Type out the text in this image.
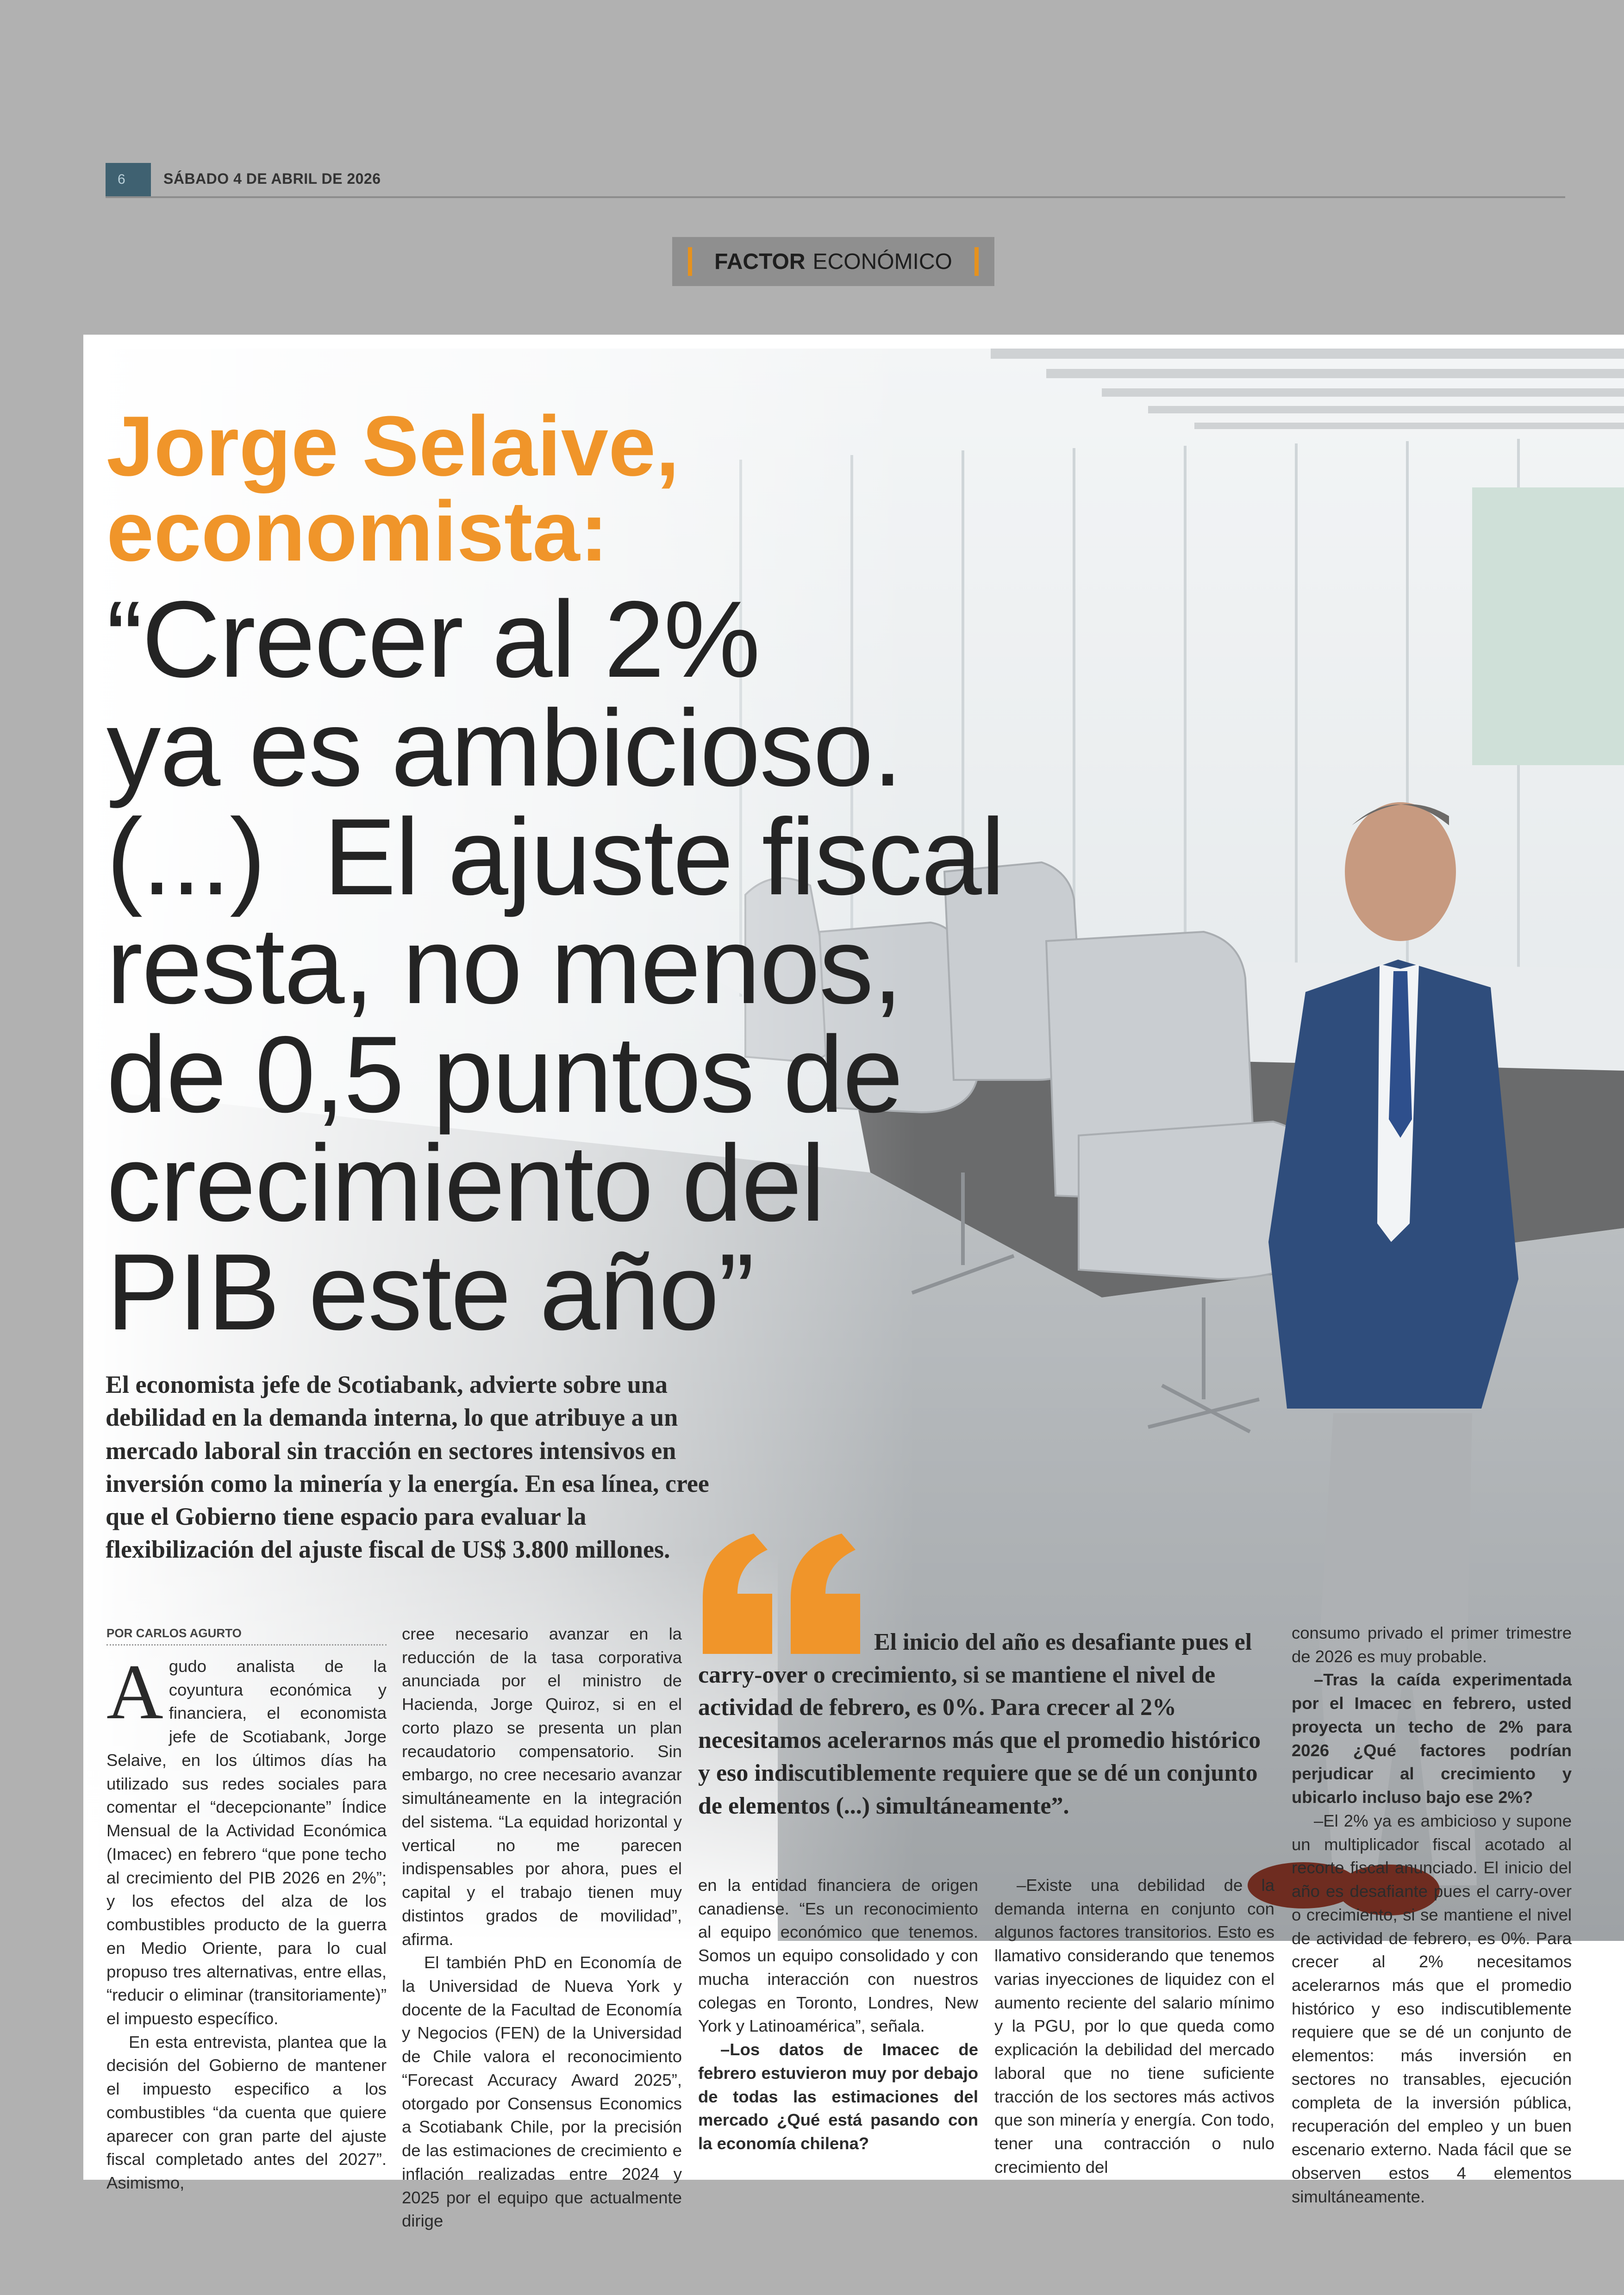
6	SÁBADO 4 DE ABRIL DE 2026
FACTOR ECONÓMICO
Jorge Selaive,
economista:
“Crecer al 2%
ya es ambicioso.
(...)  El ajuste fiscal
resta, no menos,
de 0,5 puntos de
crecimiento del
PIB este año”

El economista jefe de Scotiabank, advierte sobre una debilidad en la demanda interna, lo que atribuye a un mercado laboral sin tracción en sectores intensivos en inversión como la minería y la energía. En esa línea, cree que el Gobierno tiene espacio para evaluar la flexibilización del ajuste fiscal de US$ 3.800 millones.

POR CARLOS AGURTO

Agudo analista de la coyuntura económica y financiera, el economista jefe de Scotiabank, Jorge Selaive, en los últimos días ha utilizado sus redes sociales para comentar el “decepcionante” Índice Mensual de la Actividad Económica (Imacec) en febrero “que pone techo al crecimiento del PIB 2026 en 2%”; y los efectos del alza de los combustibles producto de la guerra en Medio Oriente, para lo cual propuso tres alternativas, entre ellas, “reducir o eliminar (transitoriamente)” el impuesto específico.

En esta entrevista, plantea que la decisión del Gobierno de mantener el impuesto especifico a los combustibles “da cuenta que quiere aparecer con gran parte del ajuste fiscal completado antes del 2027”. Asimismo,

cree necesario avanzar en la reducción de la tasa corporativa anunciada por el ministro de Hacienda, Jorge Quiroz, si en el corto plazo se presenta un plan recaudatorio compensatorio. Sin embargo, no cree necesario avanzar simultáneamente en la integración del sistema. “La equidad horizontal y vertical no me parecen indispensables por ahora, pues el capital y el trabajo tienen muy distintos grados de movilidad”, afirma.

El también PhD en Economía de la Universidad de Nueva York y docente de la Facultad de Economía y Negocios (FEN) de la Universidad de Chile valora el reconocimiento “Forecast Accuracy Award 2025”, otorgado por Consensus Economics a Scotiabank Chile, por la precisión de las estimaciones de crecimiento e inflación realizadas entre 2024 y 2025 por el equipo que actualmente dirige

El inicio del año es desafiante pues el carry-over o crecimiento, si se mantiene el nivel de actividad de febrero, es 0%. Para crecer al 2% necesitamos acelerarnos más que el promedio histórico y eso indiscutiblemente requiere que se dé un conjunto de elementos (...) simultáneamente”.

en la entidad financiera de origen canadiense. “Es un reconocimiento al equipo económico que tenemos. Somos un equipo consolidado y con mucha interacción con nuestros colegas en Toronto, Londres, New York y Latinoamérica”, señala.

–Los datos de Imacec de febrero estuvieron muy por debajo de todas las estimaciones del mercado ¿Qué está pasando con la economía chilena?

–Existe una debilidad de la demanda interna en conjunto con algunos factores transitorios. Esto es llamativo considerando que tenemos varias inyecciones de liquidez con el aumento reciente del salario mínimo y la PGU, por lo que queda como explicación la debilidad del mercado laboral que no tiene suficiente tracción de los sectores más activos que son minería y energía. Con todo, tener una contracción o nulo crecimiento del

consumo privado el primer trimestre de 2026 es muy probable.

–Tras la caída experimentada por el Imacec en febrero, usted proyecta un techo de 2% para 2026 ¿Qué factores podrían perjudicar al crecimiento y ubicarlo incluso bajo ese 2%?

–El 2% ya es ambicioso y supone un multiplicador fiscal acotado al recorte fiscal anunciado. El inicio del año es desafiante pues el carry-over o crecimiento, si se mantiene el nivel de actividad de febrero, es 0%. Para crecer al 2% necesitamos acelerarnos más que el promedio histórico y eso indiscutiblemente requiere que se dé un conjunto de elementos: más inversión en sectores no transables, ejecución completa de la inversión pública, recuperación del empleo y un buen escenario externo. Nada fácil que se observen estos 4 elementos simultáneamente.
